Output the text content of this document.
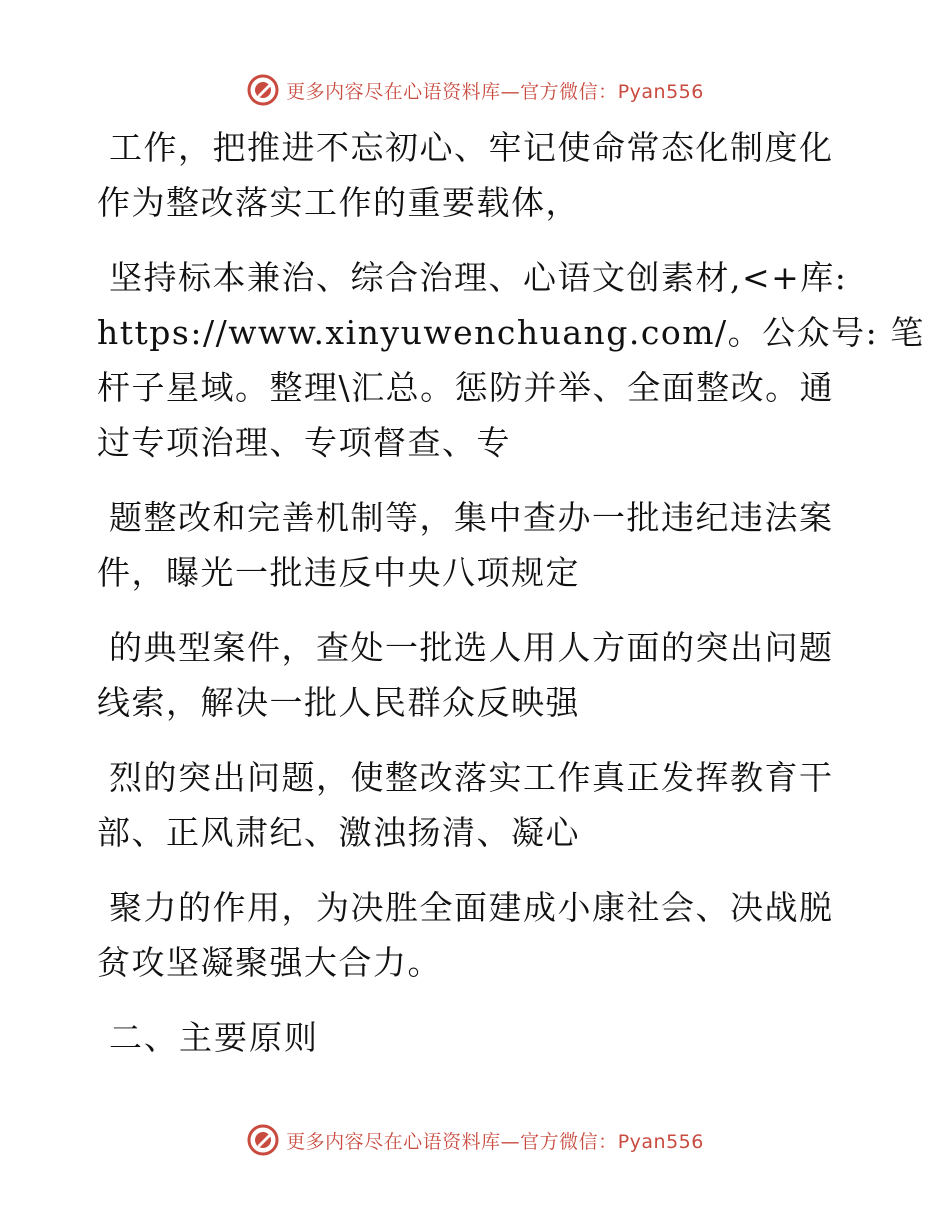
更多内容尽在心语资料库—官方微信：Pyan556

工作，把推进不忘初心、牢记使命常态化制度化
作为整改落实工作的重要载体，

坚持标本兼治、综合治理、心语文创素材,<+库:
https://www.xinyuwenchuang.com/。公众号: 笔
杆子星域。整理\汇总。惩防并举、全面整改。通
过专项治理、专项督查、专

题整改和完善机制等，集中查办一批违纪违法案
件，曝光一批违反中央八项规定

的典型案件，查处一批选人用人方面的突出问题
线索，解决一批人民群众反映强

烈的突出问题，使整改落实工作真正发挥教育干
部、正风肃纪、激浊扬清、凝心

聚力的作用，为决胜全面建成小康社会、决战脱
贫攻坚凝聚强大合力。

二、主要原则
更多内容尽在心语资料库—官方微信：Pyan556
